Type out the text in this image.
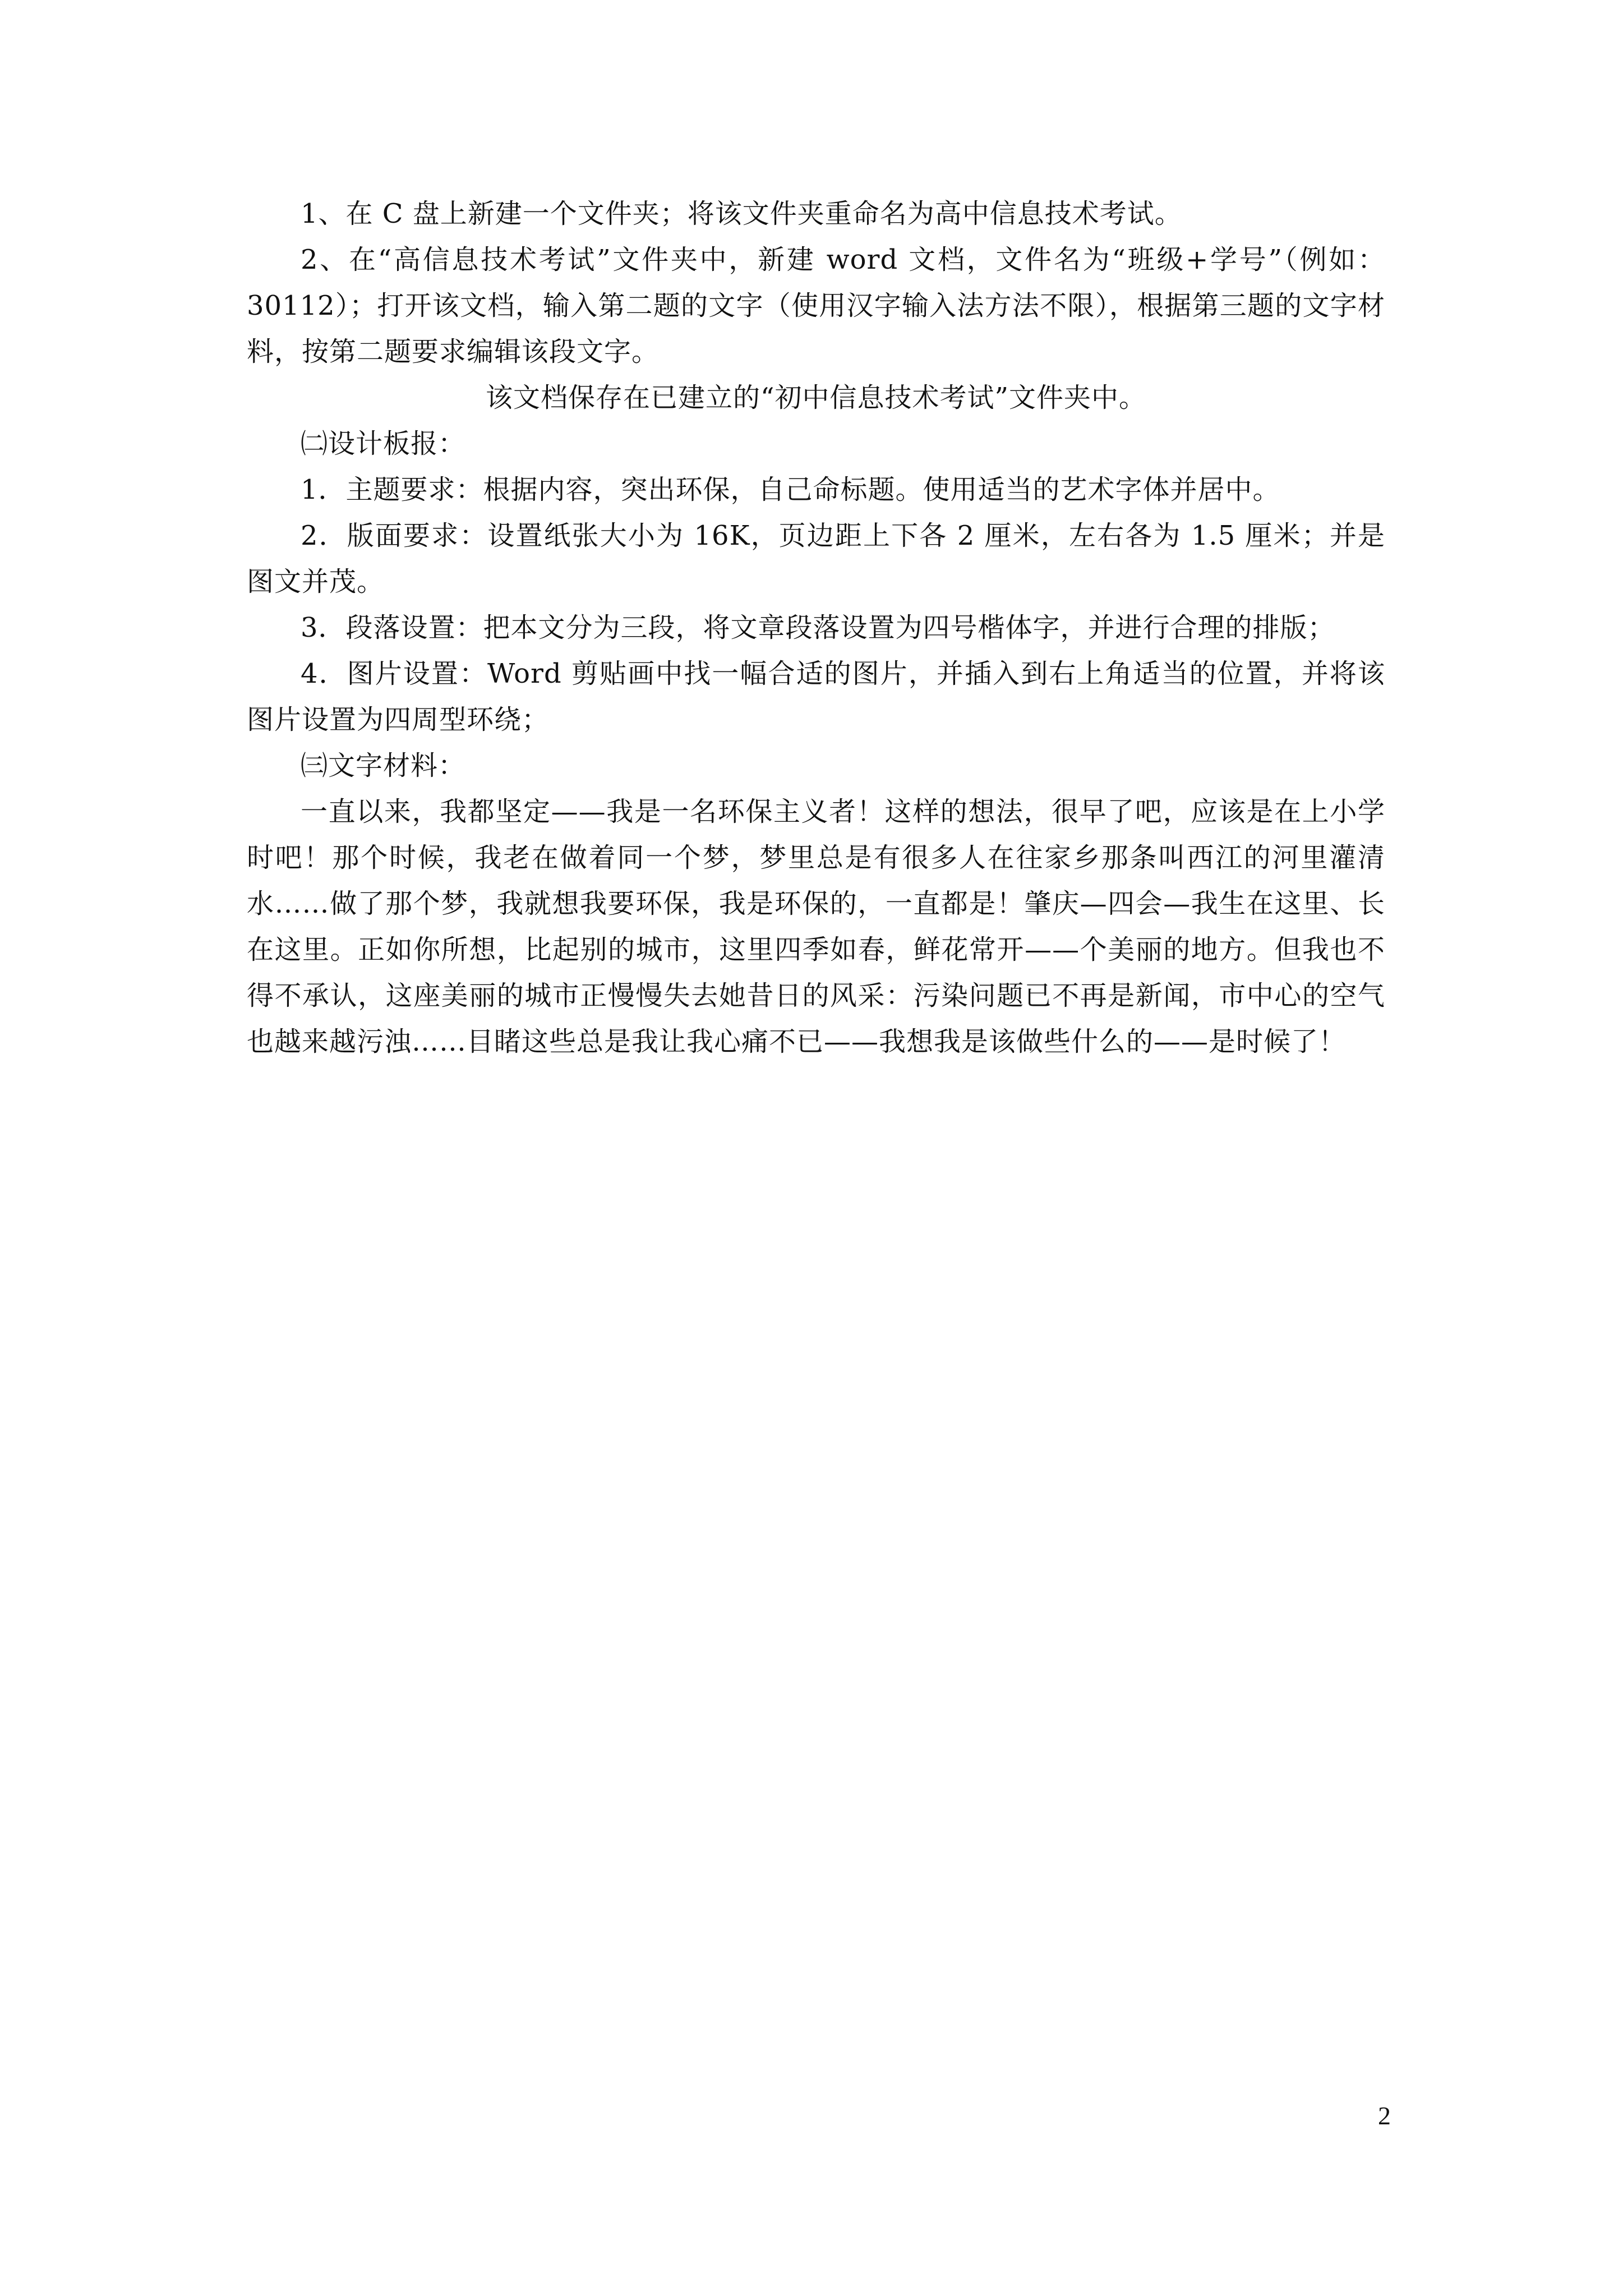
1、在 C 盘上新建一个文件夹；将该文件夹重命名为高中信息技术考试。

2、在“高信息技术考试”文件夹中，新建 word 文档，文件名为“班级+学号”（例如：30112）；打开该文档，输入第二题的文字（使用汉字输入法方法不限），根据第三题的文字材料，按第二题要求编辑该段文字。

该文档保存在已建立的“初中信息技术考试”文件夹中。

㈡设计板报：

1．主题要求：根据内容，突出环保，自己命标题。使用适当的艺术字体并居中。

2．版面要求：设置纸张大小为 16K，页边距上下各 2 厘米，左右各为 1.5 厘米；并是图文并茂。

3．段落设置：把本文分为三段，将文章段落设置为四号楷体字，并进行合理的排版；

4．图片设置：Word 剪贴画中找一幅合适的图片，并插入到右上角适当的位置，并将该图片设置为四周型环绕；

㈢文字材料：

一直以来，我都坚定——我是一名环保主义者！这样的想法，很早了吧，应该是在上小学时吧！那个时候，我老在做着同一个梦，梦里总是有很多人在往家乡那条叫西江的河里灌清水……做了那个梦，我就想我要环保，我是环保的，一直都是！肇庆—四会—我生在这里、长在这里。正如你所想，比起别的城市，这里四季如春，鲜花常开——个美丽的地方。但我也不得不承认，这座美丽的城市正慢慢失去她昔日的风采：污染问题已不再是新闻，市中心的空气也越来越污浊……目睹这些总是我让我心痛不已——我想我是该做些什么的——是时候了！

2
